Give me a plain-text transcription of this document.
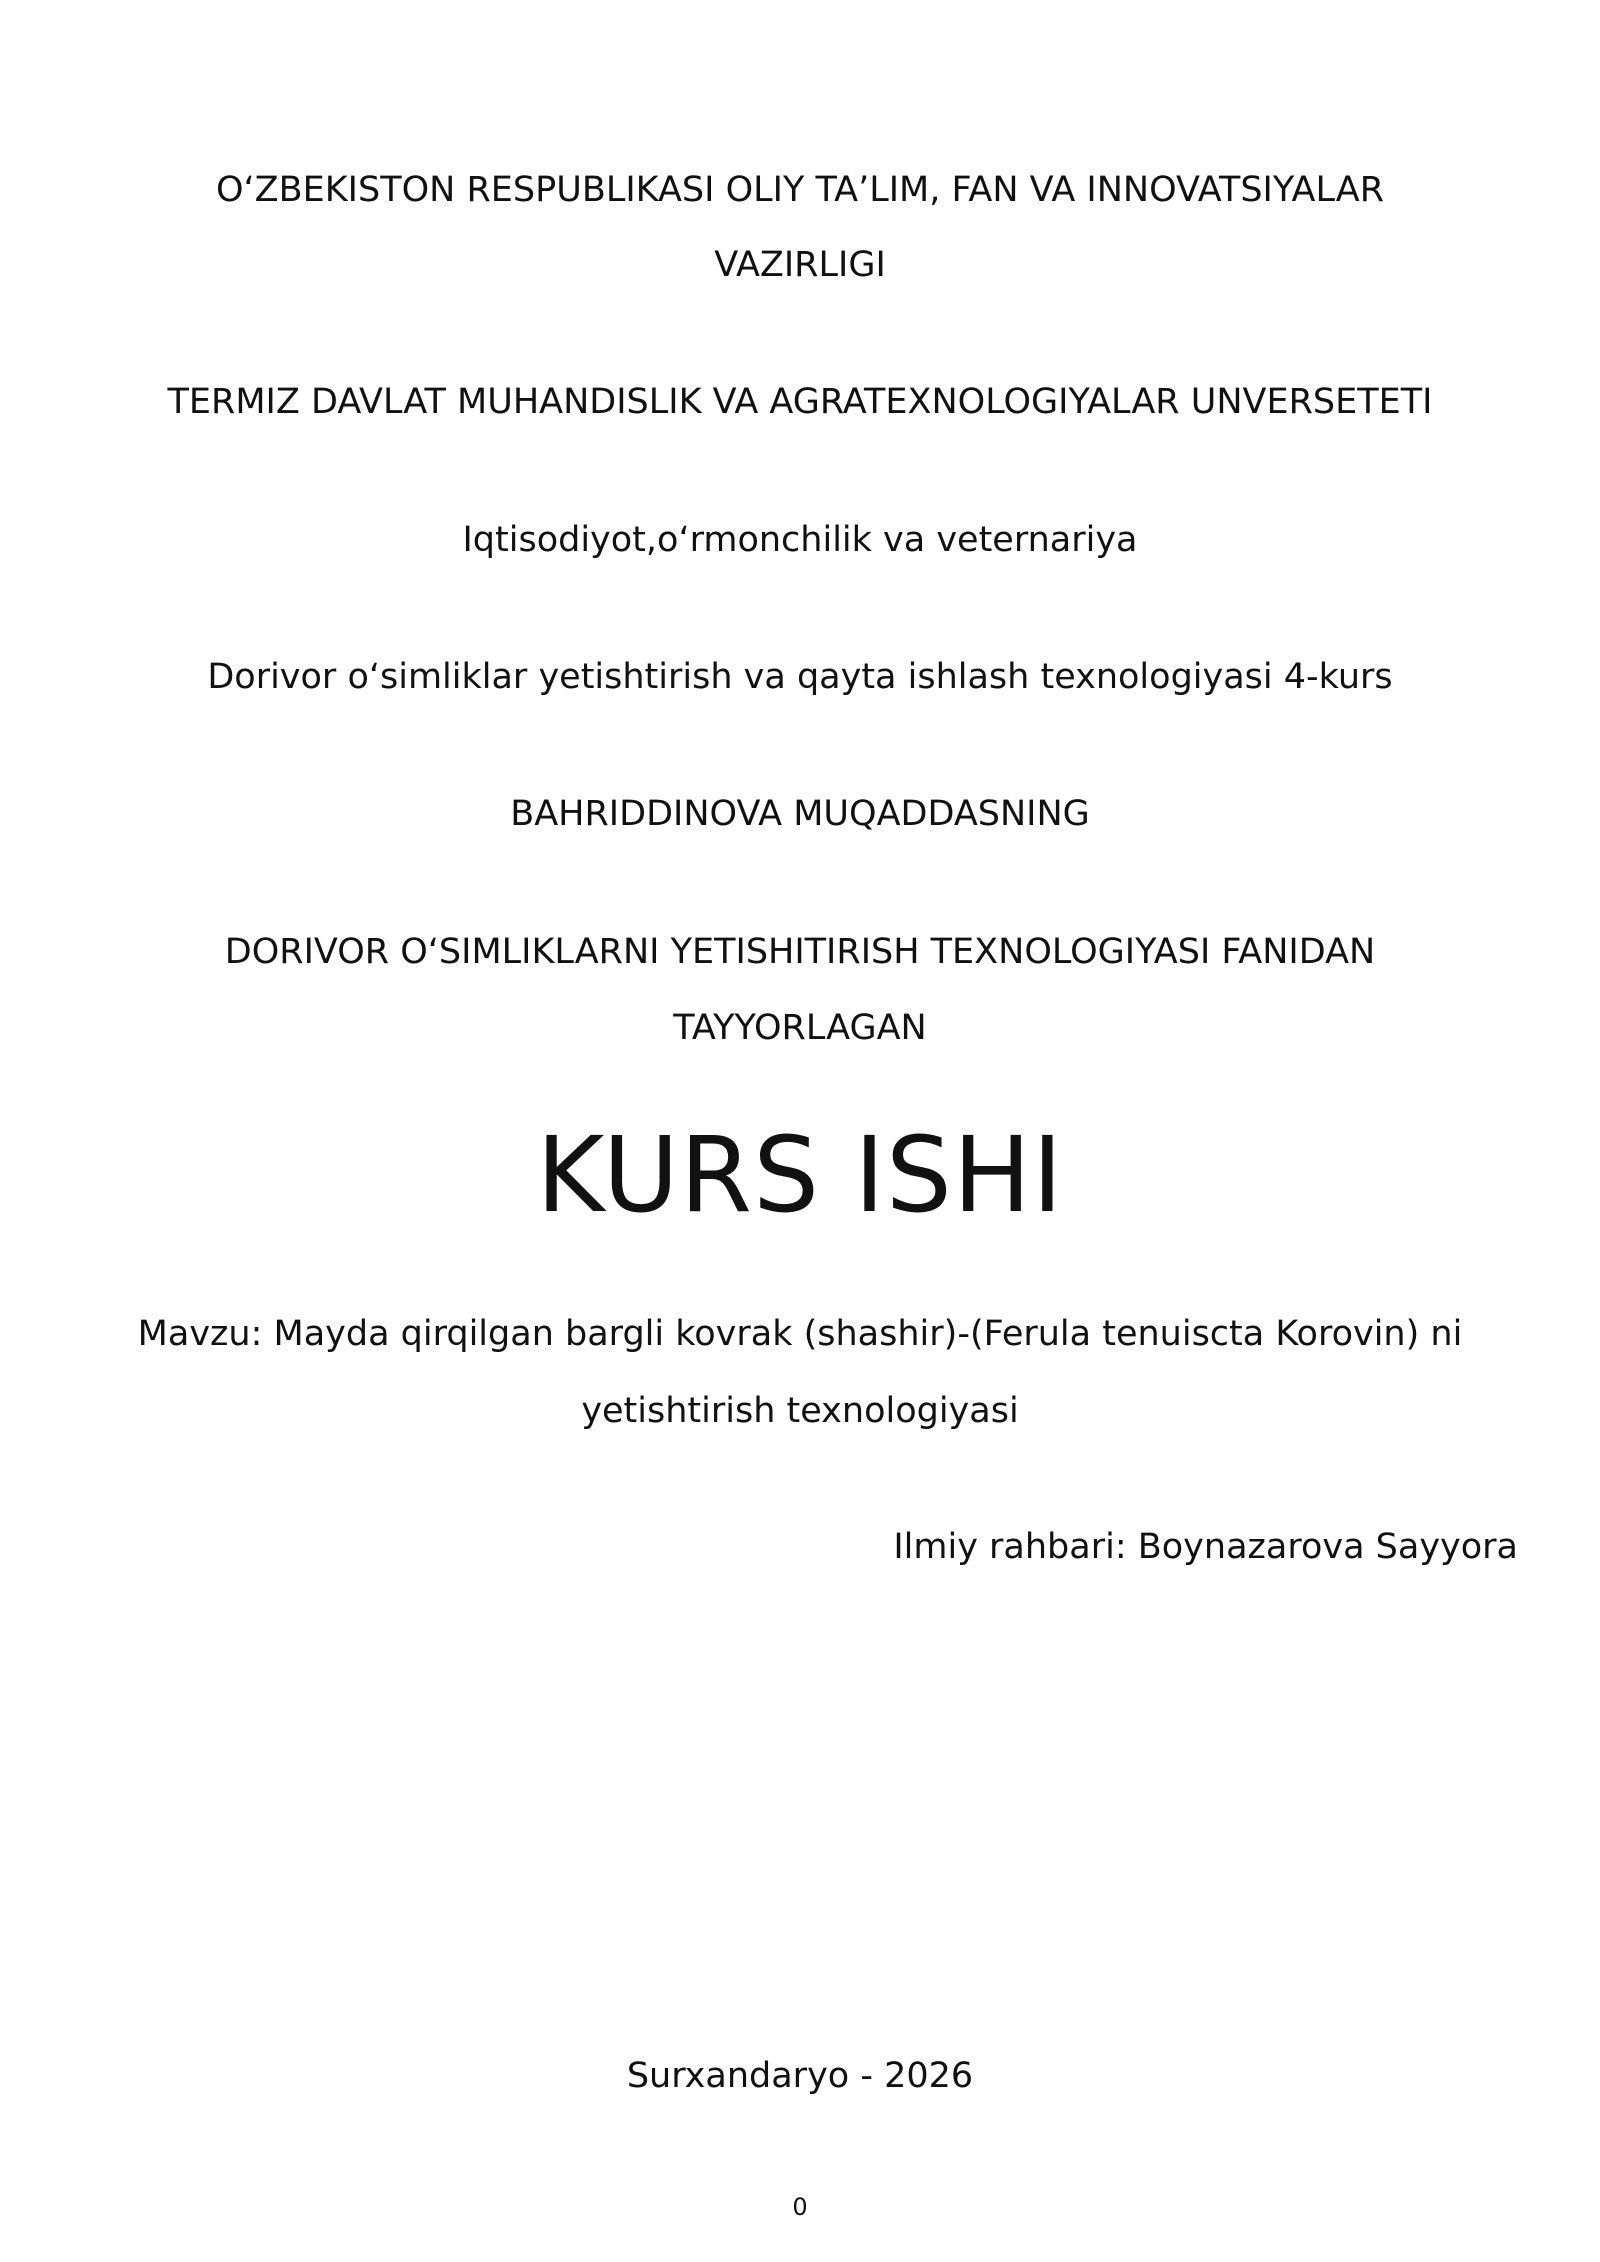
O‘ZBEKISTON RESPUBLIKASI OLIY TA’LIM, FAN VA INNOVATSIYALAR
VAZIRLIGI
TERMIZ DAVLAT MUHANDISLIK VA AGRATEXNOLOGIYALAR UNVERSETETI
Iqtisodiyot,o‘rmonchilik va veternariya
Dorivor o‘simliklar yetishtirish va qayta ishlash texnologiyasi 4-kurs
BAHRIDDINOVA MUQADDASNING
DORIVOR O‘SIMLIKLARNI YETISHITIRISH TEXNOLOGIYASI FANIDAN
TAYYORLAGAN
KURS ISHI
Mavzu: Mayda qirqilgan bargli kovrak (shashir)-(Ferula tenuiscta Korovin) ni
yetishtirish texnologiyasi
Ilmiy rahbari: Boynazarova Sayyora
Surxandaryo - 2026
0
